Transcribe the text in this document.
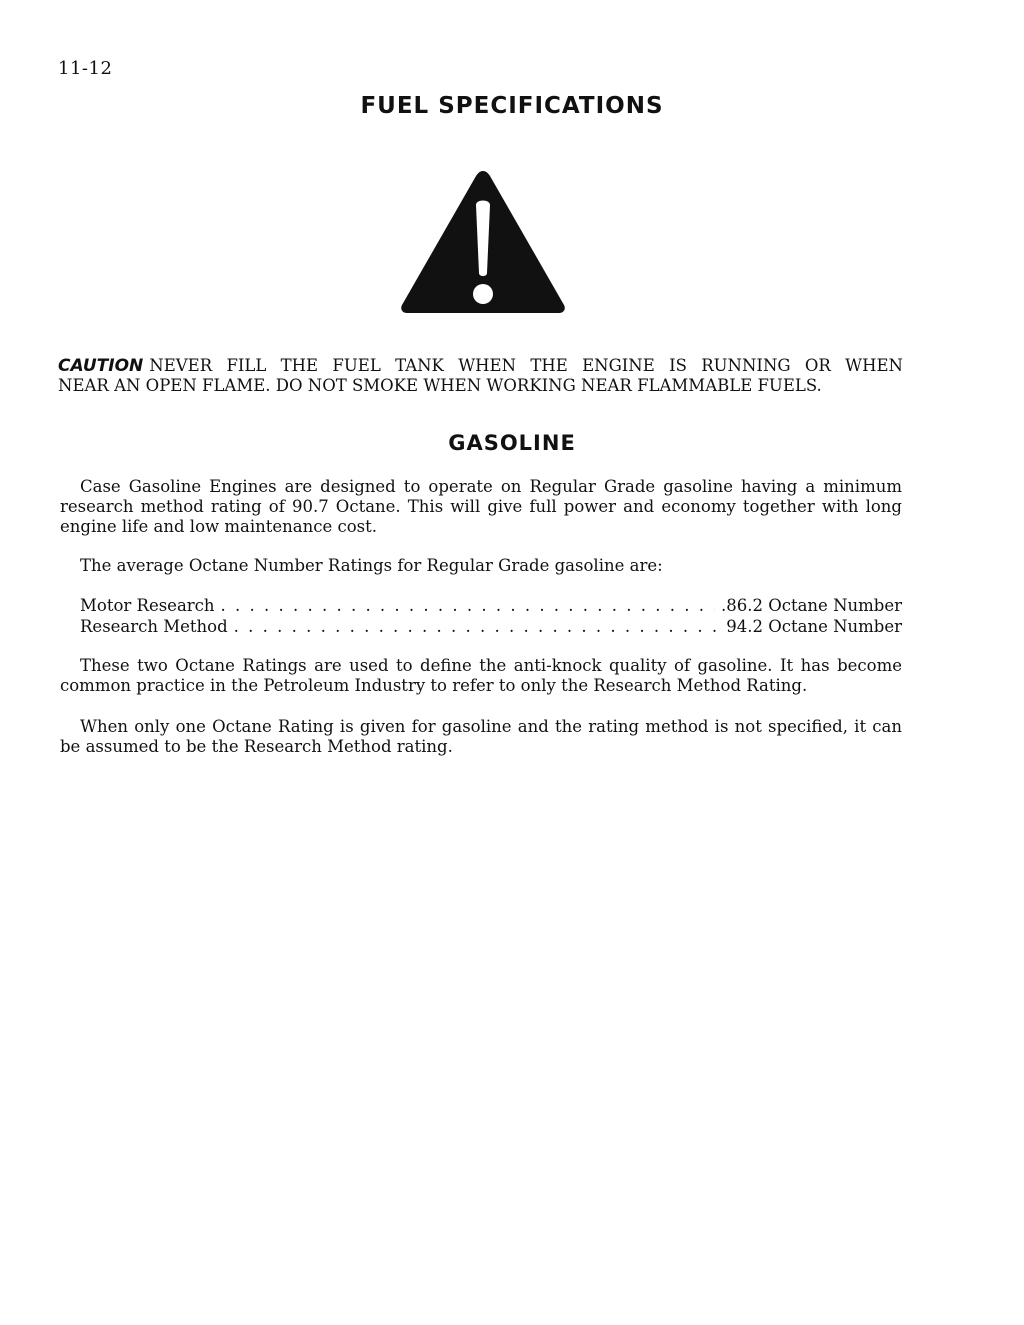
11-12
FUEL SPECIFICATIONS
CAUTION NEVER FILL THE FUEL TANK WHEN THE ENGINE IS RUNNING OR WHEN
NEAR AN OPEN FLAME. DO NOT SMOKE WHEN WORKING NEAR FLAMMABLE FUELS.
GASOLINE
Case Gasoline Engines are designed to operate on Regular Grade gasoline having a minimum research method rating of 90.7 Octane. This will give full power and economy together with long engine life and low maintenance cost.
The average Octane Number Ratings for Regular Grade gasoline are:
Motor Research . . .	.86.2 Octane Number
Research Method . . .	94.2 Octane Number
These two Octane Ratings are used to define the anti-knock quality of gasoline. It has become common practice in the Petroleum Industry to refer to only the Research Method Rating.
When only one Octane Rating is given for gasoline and the rating method is not specified, it can be assumed to be the Research Method rating.
